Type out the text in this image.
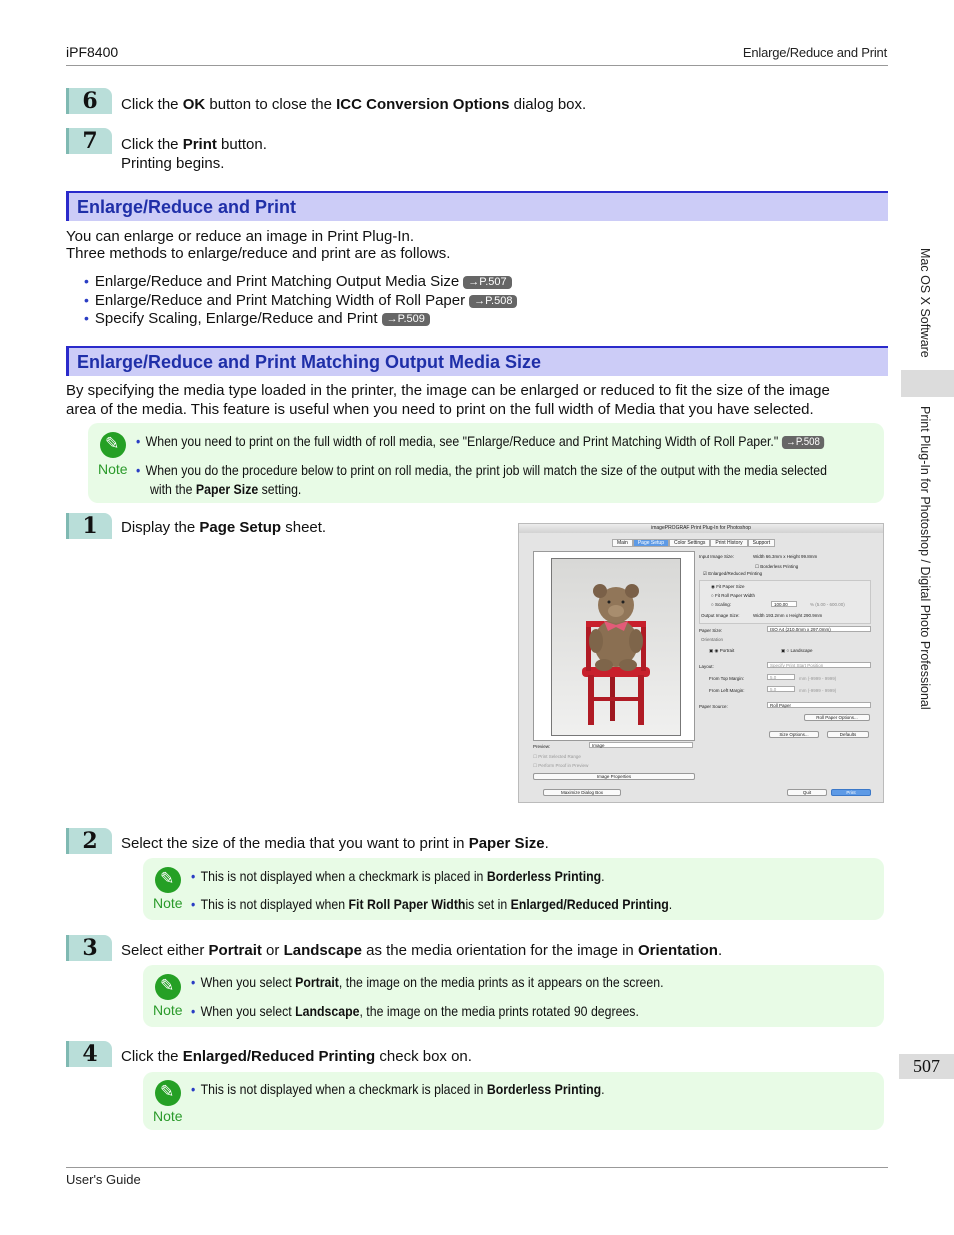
iPF8400	Enlarge/Reduce and Print
6	Click the OK button to close the ICC Conversion Options dialog box.
7	Click the Print button.
Printing begins.
Enlarge/Reduce and Print
You can enlarge or reduce an image in Print Plug-In.
Three methods to enlarge/reduce and print are as follows.
• Enlarge/Reduce and Print Matching Output Media Size →P.507
• Enlarge/Reduce and Print Matching Width of Roll Paper →P.508
• Specify Scaling, Enlarge/Reduce and Print →P.509
Enlarge/Reduce and Print Matching Output Media Size
By specifying the media type loaded in the printer, the image can be enlarged or reduced to fit the size of the image
area of the media. This feature is useful when you need to print on the full width of Media that you have selected.
✎
Note
• When you need to print on the full width of roll media, see "Enlarge/Reduce and Print Matching Width of Roll Paper." →P.508
• When you do the procedure below to print on roll media, the print job will match the size of the output with the media selected
with the Paper Size setting.
1	Display the Page Setup sheet.	imagePROGRAF Print Plug-In for Photoshop
Main	Page Setup	Color Settings	Print History	Support
Input Image Size:	Width 66.3mm x Height 99.8mm
☐ Borderless Printing
☑ Enlarged/Reduced Printing
◉ Fit Paper Size
○ Fit Roll Paper Width
○ Scaling:	100.00	% (5.00 - 600.00)
Output Image Size:	Width 193.2mm x Height 290.9mm
Paper Size:	ISO A4 (210.0mm x 297.0mm)
Orientation
▣ ◉ Portrait	▣ ○ Landscape
Layout:	Specify Print Start Position
From Top Margin:	5.0	mm (-9999 - 9999)
From Left Margin:	5.0	mm (-9999 - 9999)
Paper Source:	Roll Paper
Roll Paper Options...
Size Options...	Defaults
Preview:	Image
☐ Print Selected Range
☐ Perform Proof in Preview
Image Properties
Maximize Dialog Box	Quit	Print
2	Select the size of the media that you want to print in Paper Size.
✎
Note
• This is not displayed when a checkmark is placed in Borderless Printing.
• This is not displayed when Fit Roll Paper Widthis set in Enlarged/Reduced Printing.
3	Select either Portrait or Landscape as the media orientation for the image in Orientation.
✎
Note
• When you select Portrait, the image on the media prints as it appears on the screen.
• When you select Landscape, the image on the media prints rotated 90 degrees.
4	Click the Enlarged/Reduced Printing check box on.
✎
Note
• This is not displayed when a checkmark is placed in Borderless Printing.
User's Guide
Mac OS X Software
Print Plug-In for Photoshop / Digital Photo Professional
507
